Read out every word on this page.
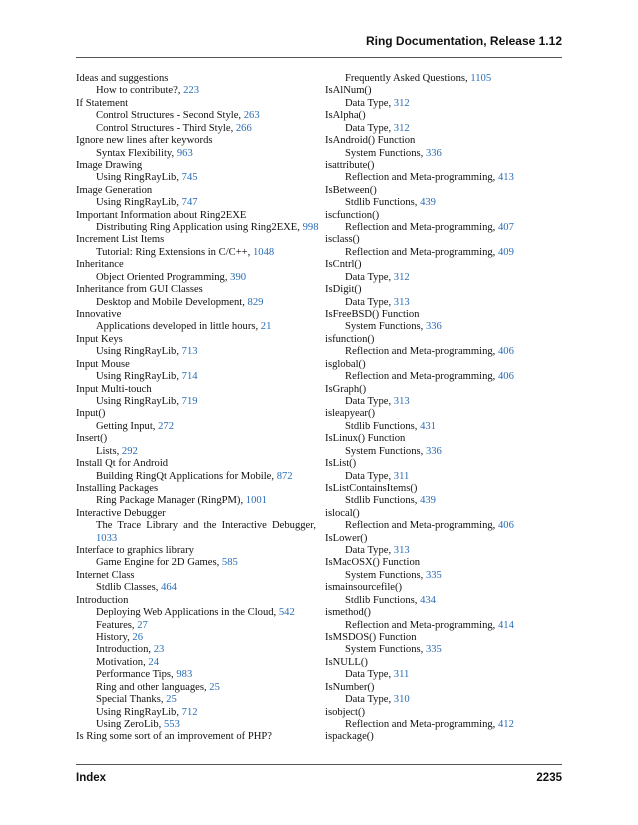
Ring Documentation, Release 1.12
Ideas and suggestions
How to contribute?, 223
If Statement
Control Structures - Second Style, 263
Control Structures - Third Style, 266
Ignore new lines after keywords
Syntax Flexibility, 963
Image Drawing
Using RingRayLib, 745
Image Generation
Using RingRayLib, 747
Important Information about Ring2EXE
Distributing Ring Application using Ring2EXE, 998
Increment List Items
Tutorial: Ring Extensions in C/C++, 1048
Inheritance
Object Oriented Programming, 390
Inheritance from GUI Classes
Desktop and Mobile Development, 829
Innovative
Applications developed in little hours, 21
Input Keys
Using RingRayLib, 713
Input Mouse
Using RingRayLib, 714
Input Multi-touch
Using RingRayLib, 719
Input()
Getting Input, 272
Insert()
Lists, 292
Install Qt for Android
Building RingQt Applications for Mobile, 872
Installing Packages
Ring Package Manager (RingPM), 1001
Interactive Debugger
The Trace Library and the Interactive Debugger, 1033
Interface to graphics library
Game Engine for 2D Games, 585
Internet Class
Stdlib Classes, 464
Introduction
Deploying Web Applications in the Cloud, 542
Features, 27
History, 26
Introduction, 23
Motivation, 24
Performance Tips, 983
Ring and other languages, 25
Special Thanks, 25
Using RingRayLib, 712
Using ZeroLib, 553
Is Ring some sort of an improvement of PHP?
Frequently Asked Questions, 1105
IsAlNum()
Data Type, 312
IsAlpha()
Data Type, 312
IsAndroid() Function
System Functions, 336
isattribute()
Reflection and Meta-programming, 413
IsBetween()
Stdlib Functions, 439
iscfunction()
Reflection and Meta-programming, 407
isclass()
Reflection and Meta-programming, 409
IsCntrl()
Data Type, 312
IsDigit()
Data Type, 313
IsFreeBSD() Function
System Functions, 336
isfunction()
Reflection and Meta-programming, 406
isglobal()
Reflection and Meta-programming, 406
IsGraph()
Data Type, 313
isleapyear()
Stdlib Functions, 431
IsLinux() Function
System Functions, 336
IsList()
Data Type, 311
IsListContainsItems()
Stdlib Functions, 439
islocal()
Reflection and Meta-programming, 406
IsLower()
Data Type, 313
IsMacOSX() Function
System Functions, 335
ismainsourcefile()
Stdlib Functions, 434
ismethod()
Reflection and Meta-programming, 414
IsMSDOS() Function
System Functions, 335
IsNULL()
Data Type, 311
IsNumber()
Data Type, 310
isobject()
Reflection and Meta-programming, 412
ispackage()
Index	2235
